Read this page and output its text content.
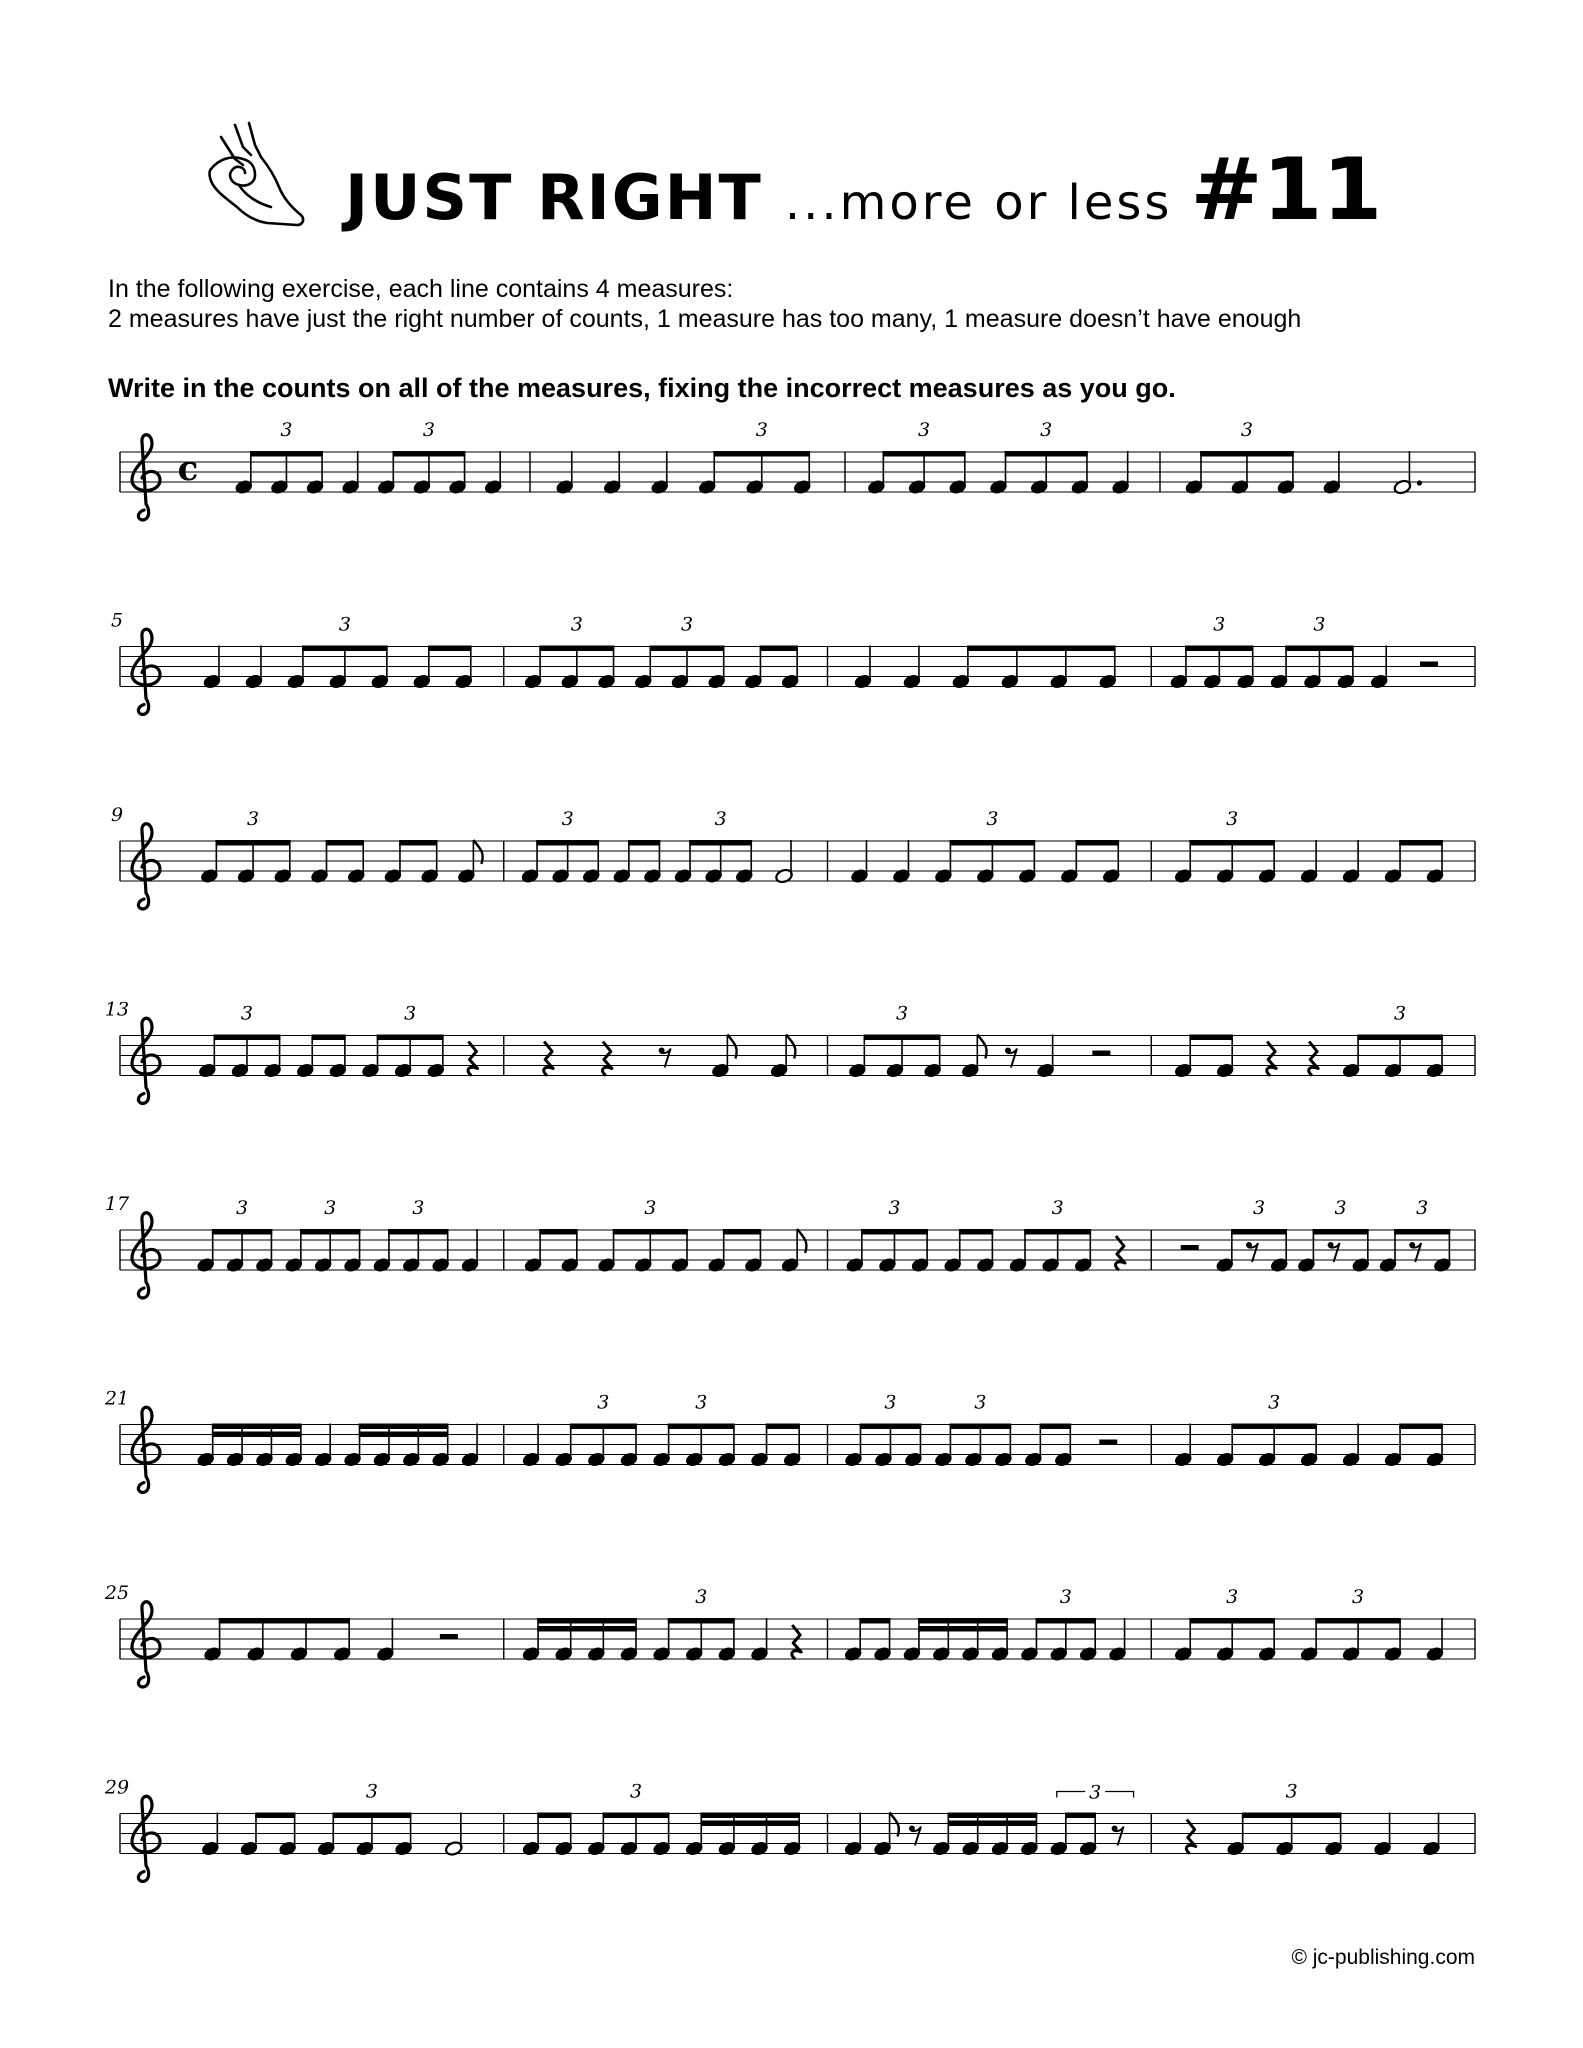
JUST RIGHT ...more or less #11
In the following exercise, each line contains 4 measures:
2 measures have just the right number of counts, 1 measure has too many, 1 measure doesn’t have enough
Write in the counts on all of the measures, fixing the incorrect measures as you go.
c
3	3	3	3	3	3
5	3	3	3	3	3
9	3	3	3	3	3
13	3	3	3	3
17	3	3	3	3	3	3	3	3	3
21	3	3	3	3	3
25	3	3	3	3
29	3	3	3	3
© jc-publishing.com
